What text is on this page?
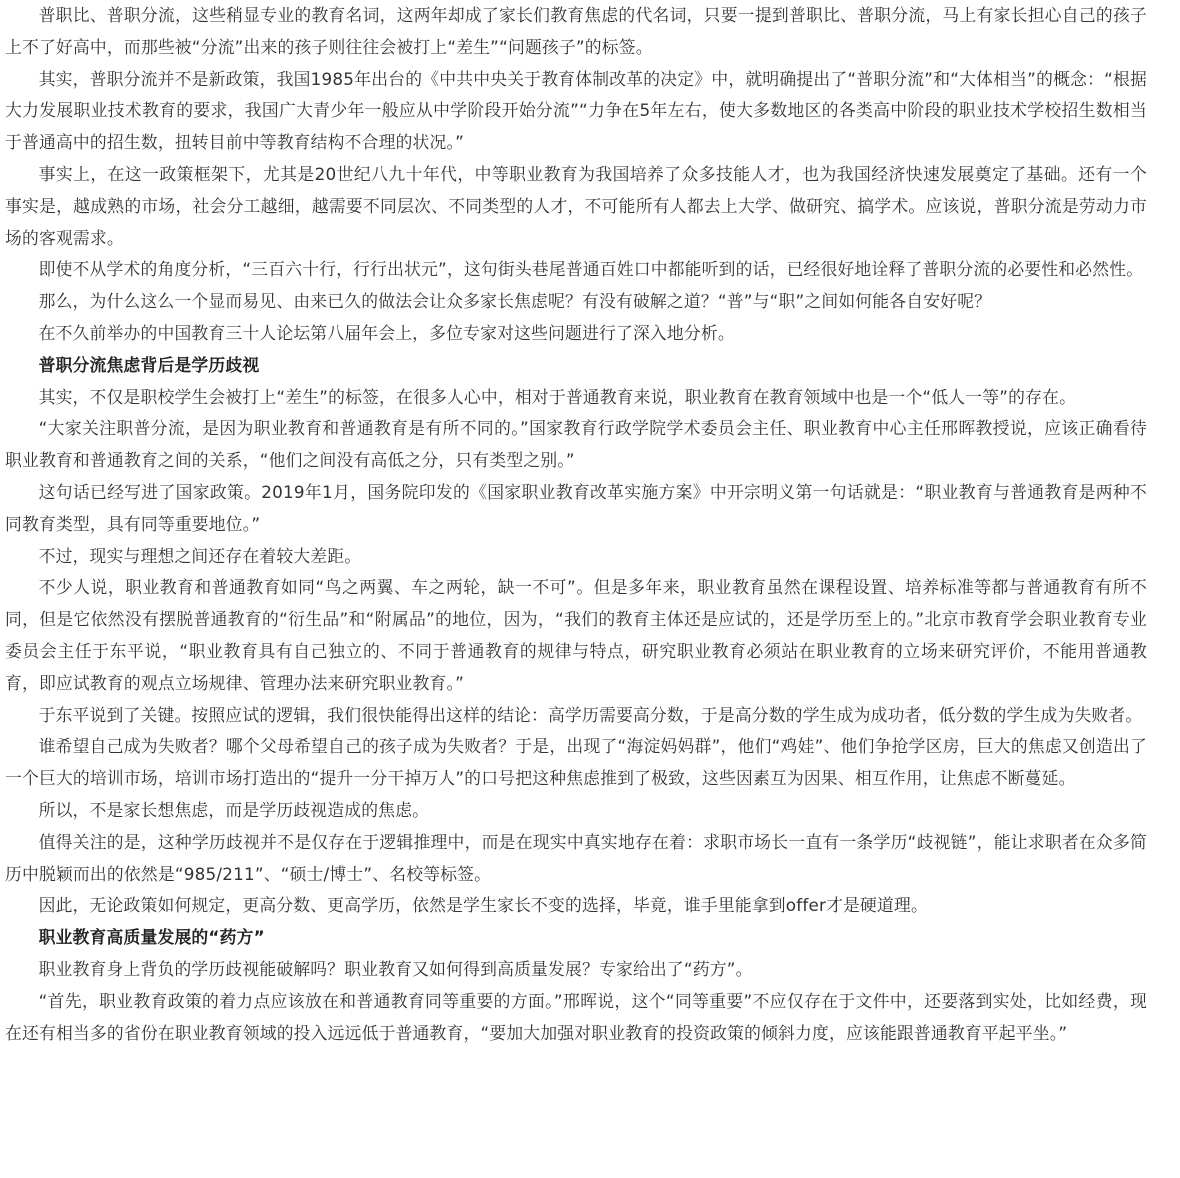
普职比、普职分流，这些稍显专业的教育名词，这两年却成了家长们教育焦虑的代名词，只要一提到普职比、普职分流，马上有家长担心自己的孩子上不了好高中，而那些被“分流”出来的孩子则往往会被打上“差生”“问题孩子”的标签。

其实，普职分流并不是新政策，我国1985年出台的《中共中央关于教育体制改革的决定》中，就明确提出了“普职分流”和“大体相当”的概念：“根据大力发展职业技术教育的要求，我国广大青少年一般应从中学阶段开始分流”“力争在5年左右，使大多数地区的各类高中阶段的职业技术学校招生数相当于普通高中的招生数，扭转目前中等教育结构不合理的状况。”

事实上，在这一政策框架下，尤其是20世纪八九十年代，中等职业教育为我国培养了众多技能人才，也为我国经济快速发展奠定了基础。还有一个事实是，越成熟的市场，社会分工越细，越需要不同层次、不同类型的人才，不可能所有人都去上大学、做研究、搞学术。应该说，普职分流是劳动力市场的客观需求。

即使不从学术的角度分析，“三百六十行，行行出状元”，这句街头巷尾普通百姓口中都能听到的话，已经很好地诠释了普职分流的必要性和必然性。

那么，为什么这么一个显而易见、由来已久的做法会让众多家长焦虑呢？有没有破解之道？“普”与“职”之间如何能各自安好呢？

在不久前举办的中国教育三十人论坛第八届年会上，多位专家对这些问题进行了深入地分析。

普职分流焦虑背后是学历歧视

其实，不仅是职校学生会被打上“差生”的标签，在很多人心中，相对于普通教育来说，职业教育在教育领域中也是一个“低人一等”的存在。

“大家关注职普分流，是因为职业教育和普通教育是有所不同的。”国家教育行政学院学术委员会主任、职业教育中心主任邢晖教授说，应该正确看待职业教育和普通教育之间的关系，“他们之间没有高低之分，只有类型之别。”

这句话已经写进了国家政策。2019年1月，国务院印发的《国家职业教育改革实施方案》中开宗明义第一句话就是：“职业教育与普通教育是两种不同教育类型，具有同等重要地位。”

不过，现实与理想之间还存在着较大差距。

不少人说，职业教育和普通教育如同“鸟之两翼、车之两轮，缺一不可”。但是多年来，职业教育虽然在课程设置、培养标准等都与普通教育有所不同，但是它依然没有摆脱普通教育的“衍生品”和“附属品”的地位，因为，“我们的教育主体还是应试的，还是学历至上的。”北京市教育学会职业教育专业委员会主任于东平说，“职业教育具有自己独立的、不同于普通教育的规律与特点，研究职业教育必须站在职业教育的立场来研究评价，不能用普通教育，即应试教育的观点立场规律、管理办法来研究职业教育。”

于东平说到了关键。按照应试的逻辑，我们很快能得出这样的结论：高学历需要高分数，于是高分数的学生成为成功者，低分数的学生成为失败者。

谁希望自己成为失败者？哪个父母希望自己的孩子成为失败者？于是，出现了“海淀妈妈群”，他们“鸡娃”、他们争抢学区房，巨大的焦虑又创造出了一个巨大的培训市场，培训市场打造出的“提升一分干掉万人”的口号把这种焦虑推到了极致，这些因素互为因果、相互作用，让焦虑不断蔓延。

所以，不是家长想焦虑，而是学历歧视造成的焦虑。

值得关注的是，这种学历歧视并不是仅存在于逻辑推理中，而是在现实中真实地存在着：求职市场长一直有一条学历“歧视链”，能让求职者在众多简历中脱颖而出的依然是“985/211”、“硕士/博士”、名校等标签。

因此，无论政策如何规定，更高分数、更高学历，依然是学生家长不变的选择，毕竟，谁手里能拿到offer才是硬道理。

职业教育高质量发展的“药方”

职业教育身上背负的学历歧视能破解吗？职业教育又如何得到高质量发展？专家给出了“药方”。

“首先，职业教育政策的着力点应该放在和普通教育同等重要的方面。”邢晖说，这个“同等重要”不应仅存在于文件中，还要落到实处，比如经费，现在还有相当多的省份在职业教育领域的投入远远低于普通教育，“要加大加强对职业教育的投资政策的倾斜力度，应该能跟普通教育平起平坐。”
